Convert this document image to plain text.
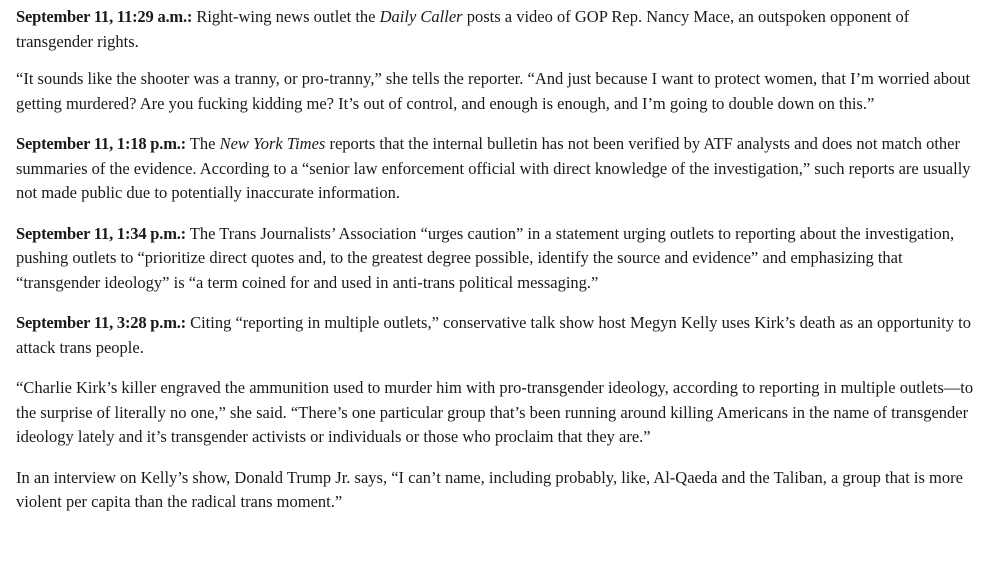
September 11, 11:29 a.m.: Right-wing news outlet the Daily Caller posts a video of GOP Rep. Nancy Mace, an outspoken opponent of transgender rights.

“It sounds like the shooter was a tranny, or pro-tranny,” she tells the reporter. “And just because I want to protect women, that I’m worried about getting murdered? Are you fucking kidding me? It’s out of control, and enough is enough, and I’m going to double down on this.”

September 11, 1:18 p.m.: The New York Times reports that the internal bulletin has not been verified by ATF analysts and does not match other summaries of the evidence. According to a “senior law enforcement official with direct knowledge of the investigation,” such reports are usually not made public due to potentially inaccurate information.

September 11, 1:34 p.m.: The Trans Journalists’ Association “urges caution” in a statement urging outlets to reporting about the investigation, pushing outlets to “prioritize direct quotes and, to the greatest degree possible, identify the source and evidence” and emphasizing that “transgender ideology” is “a term coined for and used in anti-trans political messaging.”

September 11, 3:28 p.m.: Citing “reporting in multiple outlets,” conservative talk show host Megyn Kelly uses Kirk’s death as an opportunity to attack trans people.

“Charlie Kirk’s killer engraved the ammunition used to murder him with pro-transgender ideology, according to reporting in multiple outlets—to the surprise of literally no one,” she said. “There’s one particular group that’s been running around killing Americans in the name of transgender ideology lately and it’s transgender activists or individuals or those who proclaim that they are.”

In an interview on Kelly’s show, Donald Trump Jr. says, “I can’t name, including probably, like, Al-Qaeda and the Taliban, a group that is more violent per capita than the radical trans moment.”
